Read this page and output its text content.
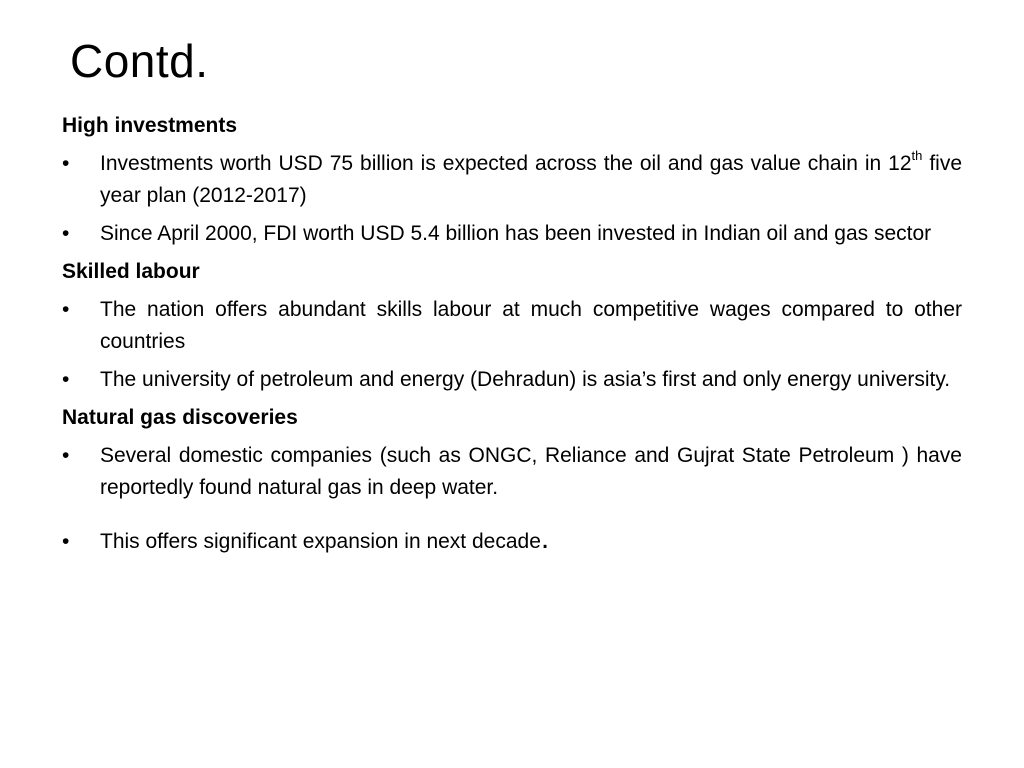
Contd.

High investments

•	Investments worth USD 75 billion is expected across the oil and gas value chain in 12th five year plan (2012-2017)
•	Since April 2000, FDI worth USD 5.4 billion has been invested in Indian oil and gas sector

Skilled labour

•	The nation offers abundant skills labour at much competitive wages compared to other countries
•	The university of petroleum and energy (Dehradun) is asia’s first and only energy university.

Natural gas discoveries

•	Several domestic companies (such as ONGC, Reliance and Gujrat State Petroleum ) have reportedly found natural gas in deep water.
•	This offers significant expansion in next decade.
